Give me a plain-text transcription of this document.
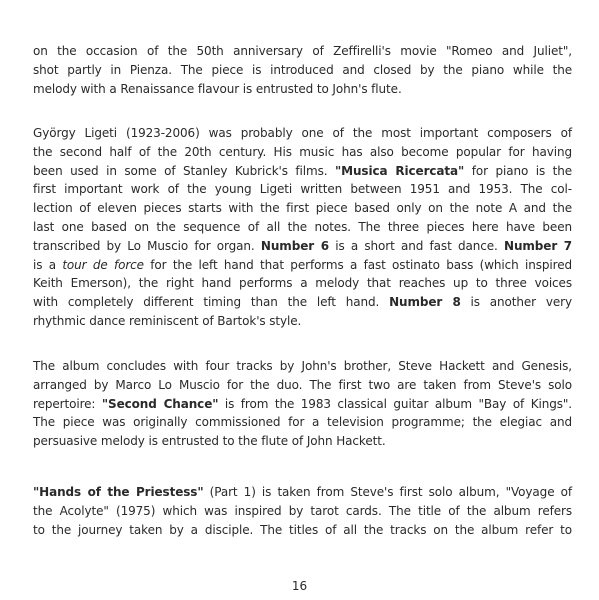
on the occasion of the 50th anniversary of Zeffirelli's movie "Romeo and Juliet",
shot partly in Pienza. The piece is introduced and closed by the piano while the
melody with a Renaissance flavour is entrusted to John's flute.
György Ligeti (1923-2006) was probably one of the most important composers of
the second half of the 20th century. His music has also become popular for having
been used in some of Stanley Kubrick's films. "Musica Ricercata" for piano is the
first important work of the young Ligeti written between 1951 and 1953. The col-
lection of eleven pieces starts with the first piece based only on the note A and the
last one based on the sequence of all the notes. The three pieces here have been
transcribed by Lo Muscio for organ. Number 6 is a short and fast dance. Number 7
is a tour de force for the left hand that performs a fast ostinato bass (which inspired
Keith Emerson), the right hand performs a melody that reaches up to three voices
with completely different timing than the left hand. Number 8 is another very
rhythmic dance reminiscent of Bartok's style.
The album concludes with four tracks by John's brother, Steve Hackett and Genesis,
arranged by Marco Lo Muscio for the duo. The first two are taken from Steve's solo
repertoire: "Second Chance" is from the 1983 classical guitar album "Bay of Kings".
The piece was originally commissioned for a television programme; the elegiac and
persuasive melody is entrusted to the flute of John Hackett.
"Hands of the Priestess" (Part 1) is taken from Steve's first solo album, "Voyage of
the Acolyte" (1975) which was inspired by tarot cards. The title of the album refers
to the journey taken by a disciple. The titles of all the tracks on the album refer to
16
